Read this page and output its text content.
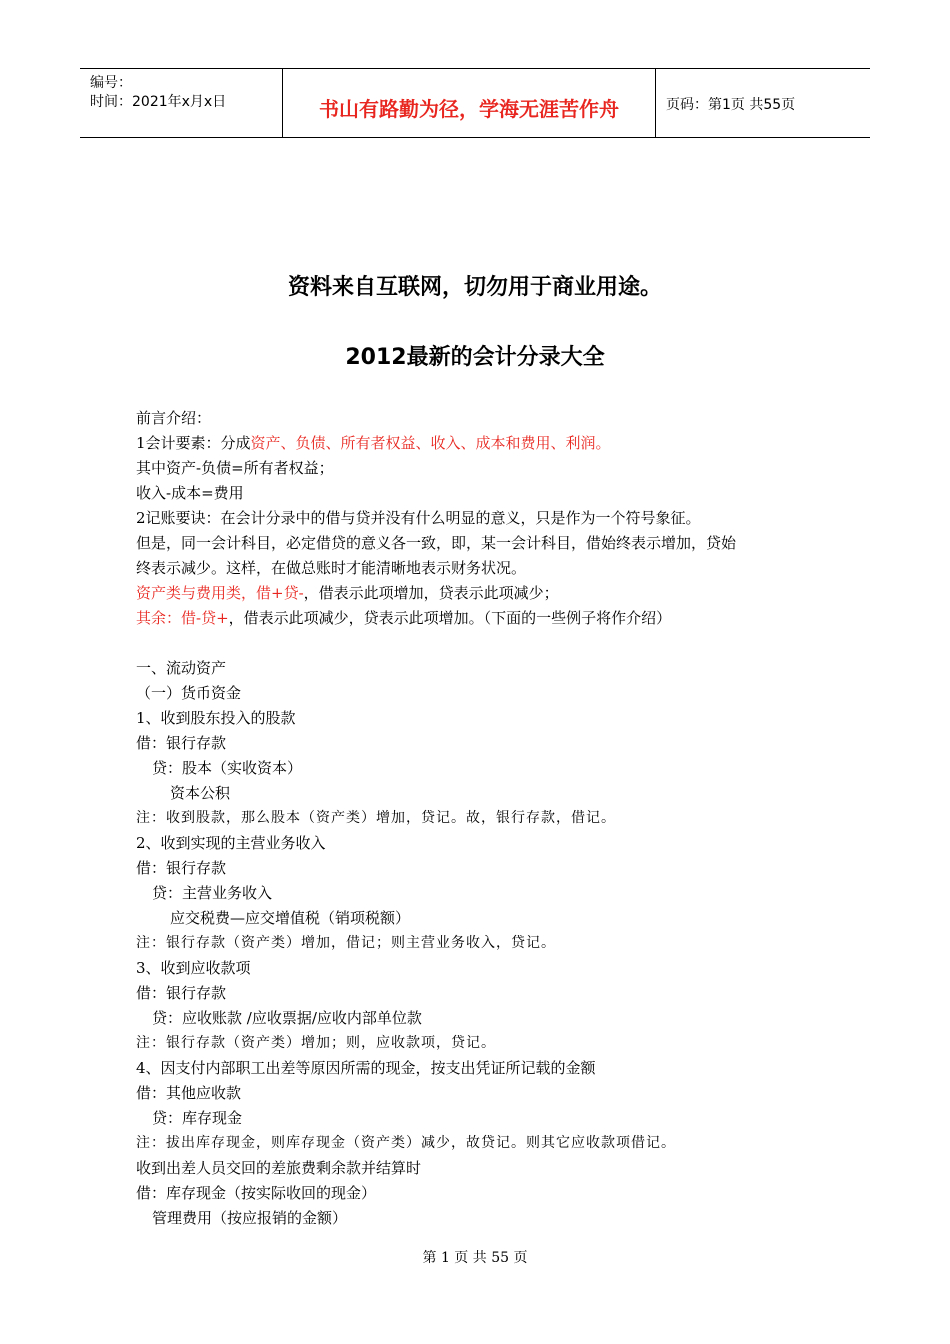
编号：
时间：2021年x月x日	书山有路勤为径，学海无涯苦作舟	页码：第1页 共55页
资料来自互联网，切勿用于商业用途。
2012最新的会计分录大全
前言介绍：
1会计要素：分成资产、负债、所有者权益、收入、成本和费用、利润。
其中资产-负债=所有者权益；
收入-成本=费用
2记账要诀：在会计分录中的借与贷并没有什么明显的意义，只是作为一个符号象征。
但是，同一会计科目，必定借贷的意义各一致，即，某一会计科目，借始终表示增加，贷始
终表示减少。这样，在做总账时才能清晰地表示财务状况。
资产类与费用类，借+贷-，借表示此项增加，贷表示此项减少；
其余：借-贷+，借表示此项减少，贷表示此项增加。（下面的一些例子将作介绍）
一、流动资产
（一）货币资金
1、收到股东投入的股款
借：银行存款
贷：股本（实收资本）
资本公积
注：收到股款，那么股本（资产类）增加，贷记。故，银行存款，借记。
2、收到实现的主营业务收入
借：银行存款
贷：主营业务收入
应交税费—应交增值税（销项税额）
注：银行存款（资产类）增加，借记；则主营业务收入，贷记。
3、收到应收款项
借：银行存款
贷：应收账款 /应收票据/应收内部单位款
注：银行存款（资产类）增加；则，应收款项，贷记。
4、因支付内部职工出差等原因所需的现金，按支出凭证所记载的金额
借：其他应收款
贷：库存现金
注：拔出库存现金，则库存现金（资产类）减少，故贷记。则其它应收款项借记。
收到出差人员交回的差旅费剩余款并结算时
借：库存现金（按实际收回的现金）
管理费用（按应报销的金额）
第 1 页 共 55 页
